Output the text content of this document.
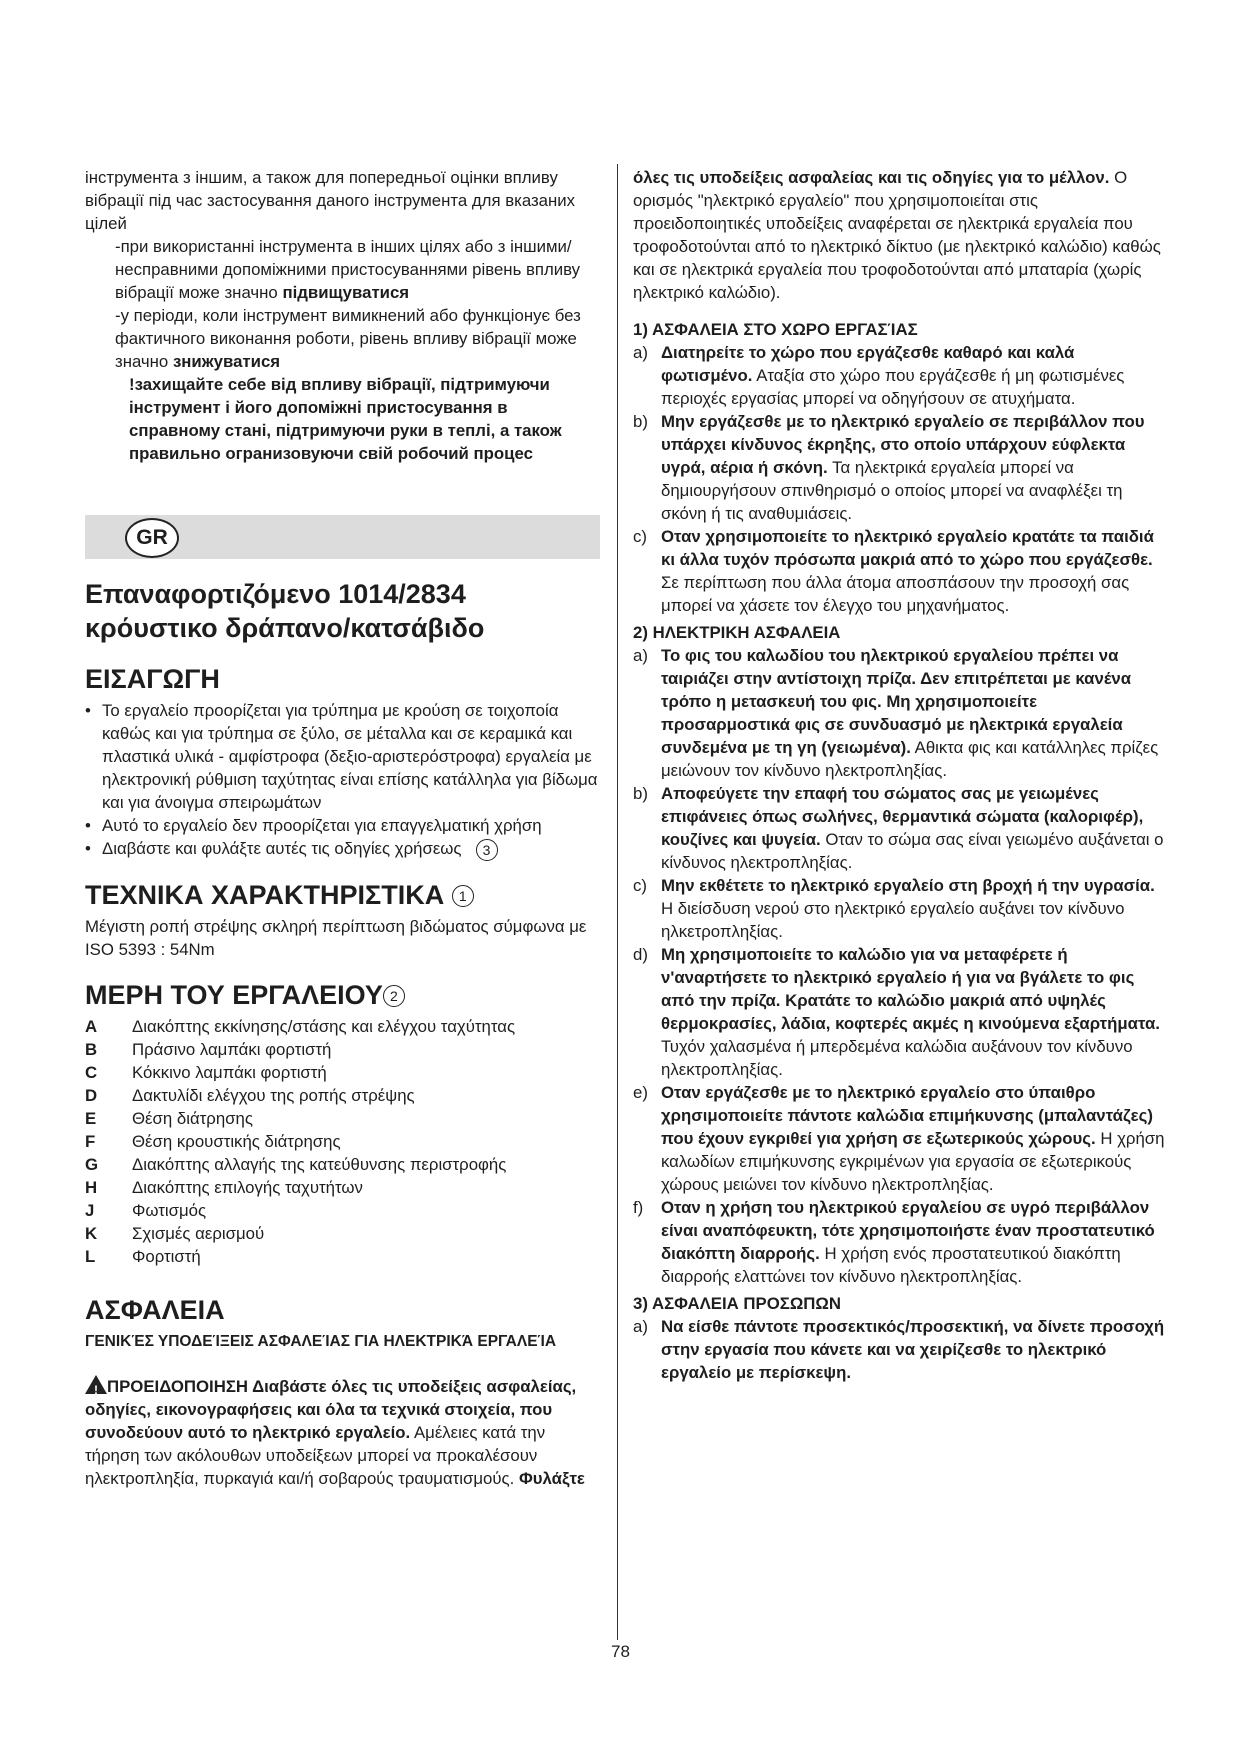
інструмента з іншим, а також для попередньої оцінки впливу вібрації під час застосування даного інструмента для вказаних цілей

-при використанні інструмента в інших цілях або з іншими/несправними допоміжними пристосуваннями рівень впливу вібрації може значно підвищуватися

-у періоди, коли інструмент вимикнений або функціонує без фактичного виконання роботи, рівень впливу вібрації може значно знижуватися

!захищайте себе від впливу вібрації, підтримуючи інструмент і його допоміжні пристосування в справному стані, підтримуючи руки в теплі, а також правильно огранизовуючи свій робочий процес

GR
Επαναφορτιζόμενο 1014/2834 κρόυστικο δράπανο/κατσάβιδο
ΕΙΣΑΓΩΓΗ

• Το εργαλείο προορίζεται για τρύπημα με κρούση σε τοιχοποία καθώς και για τρύπημα σε ξύλο, σε μέταλλα και σε κεραμικά και πλαστικά υλικά - αμφίστροφα (δεξιο-αριστερόστροφα) εργαλεία με ηλεκτρονική ρύθμιση ταχύτητας είναι επίσης κατάλληλα για βίδωμα και για άνοιγμα σπειρωμάτων

• Αυτό το εργαλείο δεν προορίζεται για επαγγελματική χρήση

• Διαβάστε και φυλάξτε αυτές τις οδηγίες χρήσεως 3

ΤΕΧΝΙΚΑ ΧΑΡΑΚΤΗΡΙΣΤΙΚΑ 1

Μέγιστη ροπή στρέψης σκληρή περίπτωση βιδώματος σύμφωνα με ISO 5393 : 54Nm

ΜΕΡΗ ΤΟΥ ΕΡΓΑΛΕΙΟΥ 2
A	Διακόπτης εκκίνησης/στάσης και ελέγχου ταχύτητας
B	Πράσινο λαμπάκι φορτιστή
C	Κόκκινο λαμπάκι φορτιστή
D	Δακτυλίδι ελέγχου της ροπής στρέψης
E	Θέση διάτρησης
F	Θέση κρουστικής διάτρησης
G	Διακόπτης αλλαγής της κατεύθυνσης περιστροφής
H	Διακόπτης επιλογής ταχυτήτων
J	Φωτισμός
K	Σχισμές αερισμού
L	Φορτιστή
ΑΣΦΑΛΕΙΑ

ΓΕΝΙΚΈΣ ΥΠΟΔΕΊΞΕΙΣ ΑΣΦΑΛΕΊΑΣ ΓΙΑ ΗΛΕΚΤΡΙΚΆ ΕΡΓΑΛΕΊΑ

!ΠΡΟΕΙΔΟΠΟΙΗΣΗ Διαβάστε όλες τις υποδείξεις ασφαλείας, οδηγίες, εικονογραφήσεις και όλα τα τεχνικά στοιχεία, που συνοδεύουν αυτό το ηλεκτρικό εργαλείο. Αμέλειες κατά την τήρηση των ακόλουθων υποδείξεων μπορεί να προκαλέσουν ηλεκτροπληξία, πυρκαγιά και/ή σοβαρούς τραυματισμούς. Φυλάξτε

όλες τις υποδείξεις ασφαλείας και τις οδηγίες για το μέλλον. Ο ορισμός "ηλεκτρικό εργαλείο" που χρησιμοποιείται στις προειδοποιητικές υποδείξεις αναφέρεται σε ηλεκτρικά εργαλεία που τροφοδοτούνται από το ηλεκτρικό δίκτυο (με ηλεκτρικό καλώδιο) καθώς και σε ηλεκτρικά εργαλεία που τροφοδοτούνται από μπαταρία (χωρίς ηλεκτρικό καλώδιο).

1) ΑΣΦΑΛΕΙΑ ΣΤΟ ΧΩΡΟ ΕΡΓΑΣΊΑΣ

a) Διατηρείτε το χώρο που εργάζεσθε καθαρό και καλά φωτισμένο. Αταξία στο χώρο που εργάζεσθε ή μη φωτισμένες περιοχές εργασίας μπορεί να οδηγήσουν σε ατυχήματα.
b) Μην εργάζεσθε με το ηλεκτρικό εργαλείο σε περιβάλλον που υπάρχει κίνδυνος έκρηξης, στο οποίο υπάρχουν εύφλεκτα υγρά, αέρια ή σκόνη. Τα ηλεκτρικά εργαλεία μπορεί να δημιουργήσουν σπινθηρισμό ο οποίος μπορεί να αναφλέξει τη σκόνη ή τις αναθυμιάσεις.
c) Οταν χρησιμοποιείτε το ηλεκτρικό εργαλείο κρατάτε τα παιδιά κι άλλα τυχόν πρόσωπα μακριά από το χώρο που εργάζεσθε. Σε περίπτωση που άλλα άτομα αποσπάσουν την προσοχή σας μπορεί να χάσετε τον έλεγχο του μηχανήματος.

2) ΗΛΕΚΤΡΙΚΗ ΑΣΦΑΛΕΙΑ

a) Το φις του καλωδίου του ηλεκτρικού εργαλείου πρέπει να ταιριάζει στην αντίστοιχη πρίζα. Δεν επιτρέπεται με κανένα τρόπο η μετασκευή του φις. Μη χρησιμοποιείτε προσαρμοστικά φις σε συνδυασμό με ηλεκτρικά εργαλεία συνδεμένα με τη γη (γειωμένα). Αθικτα φις και κατάλληλες πρίζες μειώνουν τον κίνδυνο ηλεκτροπληξίας.
b) Αποφεύγετε την επαφή του σώματος σας με γειωμένες επιφάνειες όπως σωλήνες, θερμαντικά σώματα (καλοριφέρ), κουζίνες και ψυγεία. Οταν το σώμα σας είναι γειωμένο αυξάνεται ο κίνδυνος ηλεκτροπληξίας.
c) Μην εκθέτετε το ηλεκτρικό εργαλείο στη βροχή ή την υγρασία. Η διείσδυση νερού στο ηλεκτρικό εργαλείο αυξάνει τον κίνδυνο ηλκετροπληξίας.
d) Μη χρησιμοποιείτε το καλώδιο για να μεταφέρετε ή ν'αναρτήσετε το ηλεκτρικό εργαλείο ή για να βγάλετε το φις από την πρίζα. Κρατάτε το καλώδιο μακριά από υψηλές θερμοκρασίες, λάδια, κοφτερές ακμές η κινούμενα εξαρτήματα. Τυχόν χαλασμένα ή μπερδεμένα καλώδια αυξάνουν τον κίνδυνο ηλεκτροπληξίας.
e) Οταν εργάζεσθε με το ηλεκτρικό εργαλείο στο ύπαιθρο χρησιμοποιείτε πάντοτε καλώδια επιμήκυνσης (μπαλαντάζες) που έχουν εγκριθεί για χρήση σε εξωτερικούς χώρους. Η χρήση καλωδίων επιμήκυνσης εγκριμένων για εργασία σε εξωτερικούς χώρους μειώνει τον κίνδυνο ηλεκτροπληξίας.
f) Οταν η χρήση του ηλεκτρικού εργαλείου σε υγρό περιβάλλον είναι αναπόφευκτη, τότε χρησιμοποιήστε έναν προστατευτικό διακόπτη διαρροής. Η χρήση ενός προστατευτικού διακόπτη διαρροής ελαττώνει τον κίνδυνο ηλεκτροπληξίας.

3) ΑΣΦΑΛΕΙΑ ΠΡΟΣΩΠΩΝ

a) Να είσθε πάντοτε προσεκτικός/προσεκτική, να δίνετε προσοχή στην εργασία που κάνετε και να χειρίζεσθε το ηλεκτρικό εργαλείο με περίσκεψη.
78
